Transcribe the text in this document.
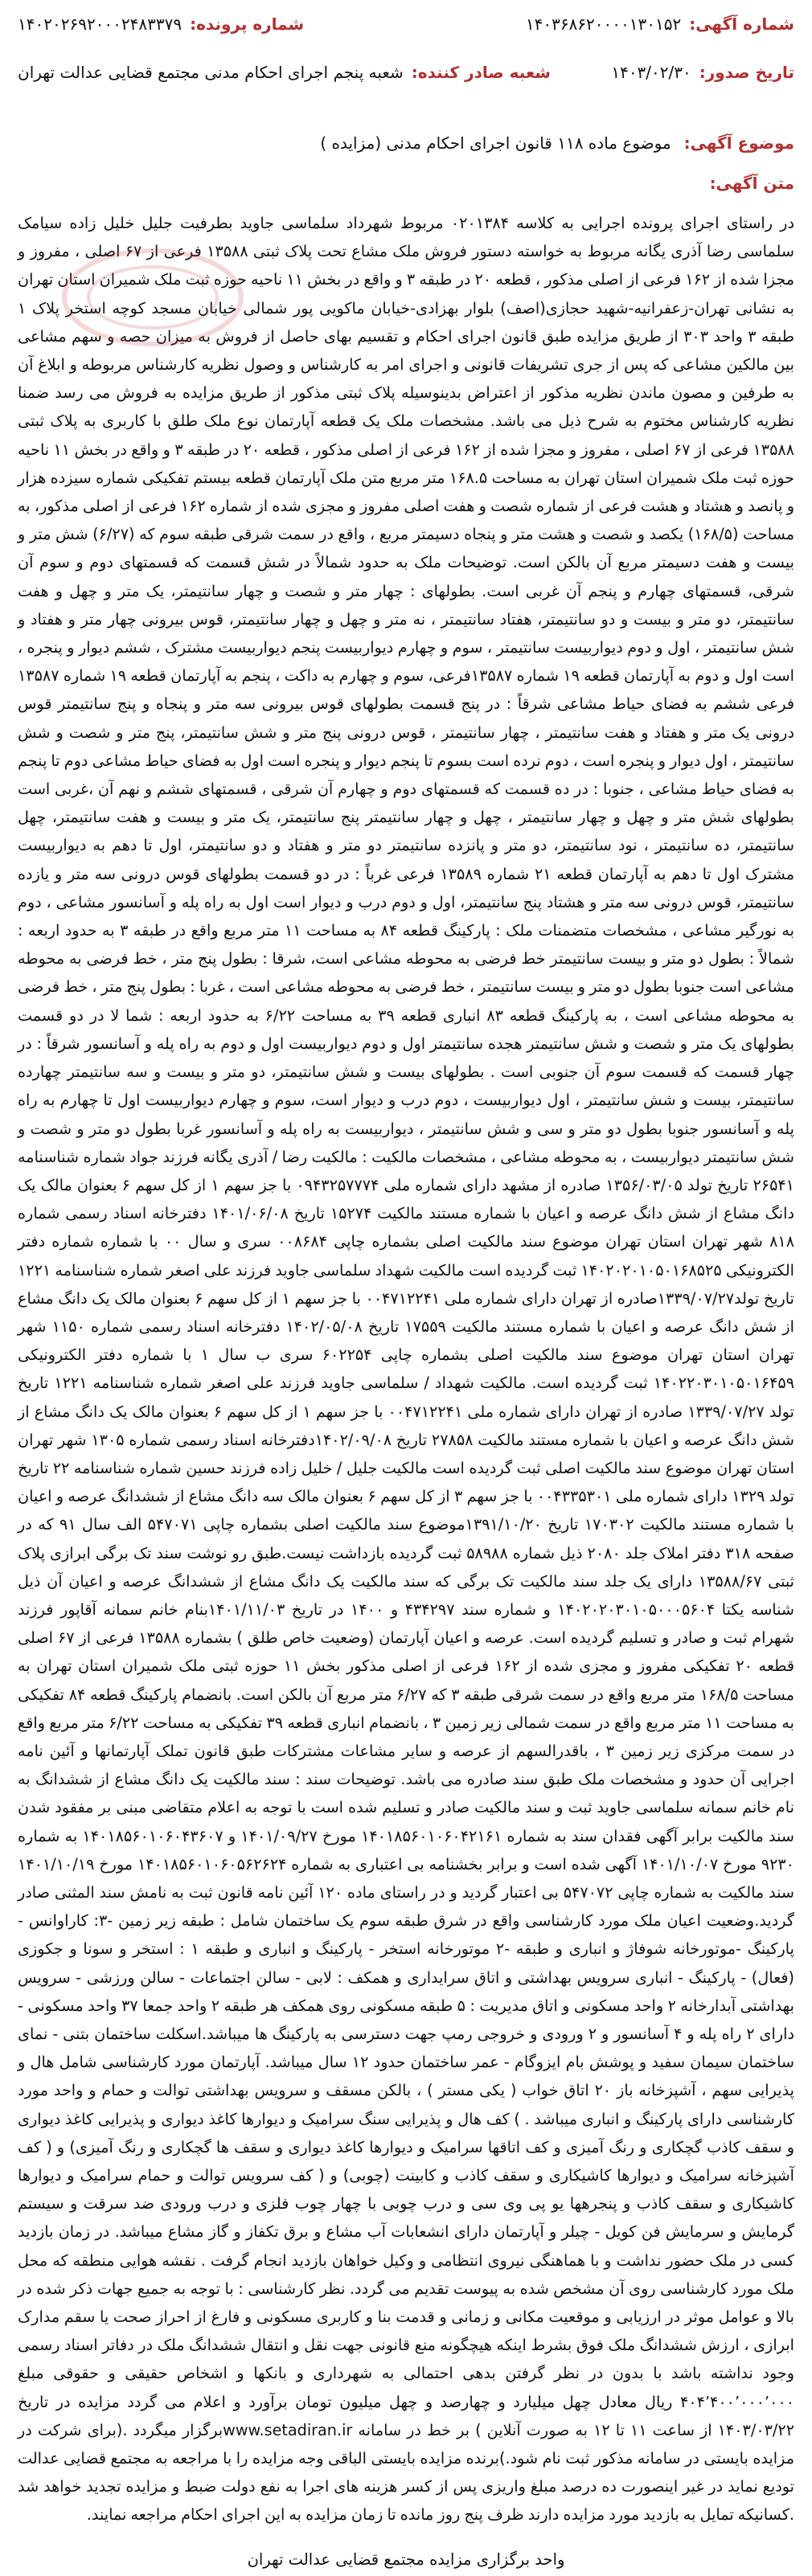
شماره آگهی:
۱۴۰۳۶۸۶۲۰۰۰۰۱۳۰۱۵۲
شماره پرونده:
۱۴۰۲۰۲۶۹۲۰۰۰۲۴۸۳۳۷۹
تاریخ صدور:
۱۴۰۳/۰۲/۳۰
شعبه صادر کننده:
شعبه پنجم اجرای احکام مدنی مجتمع قضایی عدالت تهران
موضوع آگهی:
موضوع ماده ۱۱۸ قانون اجرای احکام مدنی (مزایده )
متن آگهی:
در راستای اجرای پرونده اجرایی به کلاسه ۰۲۰۱۳۸۴ مربوط شهرداد سلماسی جاوید بطرفیت جلیل خلیل زاده سیامک سلماسی رضا آذری یگانه مربوط به خواسته دستور فروش ملک مشاع تحت پلاک ثبتی ۱۳۵۸۸ فرعی از ۶۷ اصلی ، مفروز و مجزا شده از ۱۶۲ فرعی از اصلی مذکور ، قطعه ۲۰ در طبقه ۳ و واقع در بخش ۱۱ ناحیه حوزه ثبت ملک شمیران استان تهران به نشانی تهران-زعفرانیه-شهید حجازی(اصف) بلوار بهزادی-خیابان ماکویی پور شمالی خیابان مسجد کوچه استخر پلاک ۱ طبقه ۳ واحد ۳۰۳ از طریق مزایده طبق قانون اجرای احکام و تقسیم بهای حاصل از فروش به میزان حصه و سهم مشاعی بین مالکین مشاعی که پس از جری تشریفات قانونی و اجرای امر به کارشناس و وصول نظریه کارشناس مربوطه و ابلاغ آن به طرفین و مصون ماندن نظریه مذکور از اعتراض بدینوسیله پلاک ثبتی مذکور از طریق مزایده به فروش می رسد ضمنا نظریه کارشناس مختوم به شرح ذیل می باشد. مشخصات ملک یک قطعه آپارتمان نوع ملک طلق با کاربری به پلاک ثبتی ۱۳۵۸۸ فرعی از ۶۷ اصلی ، مفروز و مجزا شده از ۱۶۲ فرعی از اصلی مذکور ، قطعه ۲۰ در طبقه ۳ و واقع در بخش ۱۱ ناحیه حوزه ثبت ملک شمیران استان تهران به مساحت ۱۶۸.۵ متر مربع متن ملک آپارتمان قطعه بیستم تفکیکی شماره سیزده هزار و پانصد و هشتاد و هشت فرعی از شماره شصت و هفت اصلی مفروز و مجزی شده از شماره ۱۶۲ فرعی از اصلی مذکور، به مساحت (۱۶۸/۵) یکصد و شصت و هشت متر و پنجاه دسیمتر مربع ، واقع در سمت شرقی طبقه سوم که (۶/۲۷) شش متر و بیست و هفت دسیمتر مربع آن بالکن است. توضیحات ملک به حدود شمالاً در شش قسمت که قسمتهای دوم و سوم آن شرقی، قسمتهای چهارم و پنجم آن غربی است. بطولهای : چهار متر و شصت و چهار سانتیمتر، یک متر و چهل و هفت سانتیمتر، دو متر و بیست و دو سانتیمتر، هفتاد سانتیمتر ، نه متر و چهل و چهار سانتیمتر، قوس بیرونی چهار متر و هفتاد و شش سانتیمتر ، اول و دوم دیواربیست سانتیمتر ، سوم و چهارم دیواربیست پنجم دیواربیست مشترک ، ششم دیوار و پنجره ، است اول و دوم به آپارتمان قطعه ۱۹ شماره ۱۳۵۸۷فرعی، سوم و چهارم به داکت ، پنجم به آپارتمان قطعه ۱۹ شماره ۱۳۵۸۷ فرعی ششم به فضای حیاط مشاعی شرقاً : در پنج قسمت بطولهای قوس بیرونی سه متر و پنجاه و پنج سانتیمتر قوس درونی یک متر و هفتاد و هفت سانتیمتر ، چهار سانتیمتر ، قوس درونی پنج متر و شش سانتیمتر، پنج متر و شصت و شش سانتیمتر ، اول دیوار و پنجره است ، دوم نرده است بسوم تا پنجم دیوار و پنجره است اول به فضای حیاط مشاعی دوم تا پنجم به فضای حیاط مشاعی ، جنوبا : در ده قسمت که قسمتهای دوم و چهارم آن شرقی ، قسمتهای ششم و نهم آن ،غربی است بطولهای شش متر و چهل و چهار سانتیمتر ، چهل و چهار سانتیمتر پنج سانتیمتر، یک متر و بیست و هفت سانتیمتر، چهل سانتیمتر، ده سانتیمتر ، نود سانتیمتر، دو متر و پانزده سانتیمتر دو متر و هفتاد و دو سانتیمتر، اول تا دهم به دیواربیست مشترک اول تا دهم به آپارتمان قطعه ۲۱ شماره ۱۳۵۸۹ فرعی غرباً : در دو قسمت بطولهای قوس درونی سه متر و یازده سانتیمتر، قوس درونی سه متر و هشتاد پنج سانتیمتر، اول و دوم درب و دیوار است اول به راه پله و آسانسور مشاعی ، دوم به نورگیر مشاعی ، مشخصات متضمنات ملک : پارکینگ قطعه ۸۴ به مساحت ۱۱ متر مربع واقع در طبقه ۳ به حدود اربعه : شمالاً : بطول دو متر و بیست سانتیمتر خط فرضی به محوطه مشاعی است، شرقا : بطول پنج متر ، خط فرضی به محوطه مشاعی است جنوبا بطول دو متر و بیست سانتیمتر ، خط فرضی به محوطه مشاعی است ، غربا : بطول پنج متر ، خط فرضی به محوطه مشاعی است ، به پارکینگ قطعه ۸۳ انباری قطعه ۳۹ به مساحت ۶/۲۲ به حدود اربعه : شما لا در دو قسمت بطولهای یک متر و شصت و شش سانتیمتر هجده سانتیمتر اول و دوم دیواربیست اول و دوم به راه پله و آسانسور شرقاً : در چهار قسمت که قسمت سوم آن جنوبی است . بطولهای بیست و شش سانتیمتر، دو متر و بیست و سه سانتیمتر چهارده سانتیمتر، بیست و شش سانتیمتر ، اول دیواربیست ، دوم درب و دیوار است، سوم و چهارم دیواربیست اول تا چهارم به راه پله و آسانسور جنوبا بطول دو متر و سی و شش سانتیمتر ، دیواربیست به راه پله و آسانسور غربا بطول دو متر و شصت و شش سانتیمتر دیواربیست ، به محوطه مشاعی ، مشخصات مالکیت : مالکیت رضا / آذری یگانه فرزند جواد شماره شناسنامه ۲۶۵۴۱ تاریخ تولد ۱۳۵۶/۰۳/۰۵ صادره از مشهد دارای شماره ملی ۰۹۴۳۲۵۷۷۷۴ با جز سهم ۱ از کل سهم ۶ بعنوان مالک یک دانگ مشاع از شش دانگ عرصه و اعیان با شماره مستند مالکیت ۱۵۲۷۴ تاریخ ۱۴۰۱/۰۶/۰۸ دفترخانه اسناد رسمی شماره ۸۱۸ شهر تهران استان تهران موضوع سند مالکیت اصلی بشماره چاپی ۰۰۸۶۸۴ سری و سال ۰۰ با شماره شماره دفتر الکترونیکی ۱۴۰۲۰۲۰۱۰۵۰۱۶۸۵۲۵ ثبت گردیده است مالکیت شهداد سلماسی جاوید فرزند علی اصغر شماره شناسنامه ۱۲۲۱ تاریخ تولد۱۳۳۹/۰۷/۲۷صادره از تهران دارای شماره ملی ۰۰۴۷۱۲۲۴۱ با جز سهم ۱ از کل سهم ۶ بعنوان مالک یک دانگ مشاع از شش دانگ عرصه و اعیان با شماره مستند مالکیت ۱۷۵۵۹ تاریخ ۱۴۰۲/۰۵/۰۸ دفترخانه اسناد رسمی شماره ۱۱۵۰ شهر تهران استان تهران موضوع سند مالکیت اصلی بشماره چاپی ۶۰۲۲۵۴ سری ب سال ۱ با شماره دفتر الکترونیکی ۱۴۰۲۲۰۳۰۱۰۵۰۱۶۴۵۹ ثبت گردیده است. مالکیت شهداد / سلماسی جاوید فرزند علی اصغر شماره شناسنامه ۱۲۲۱ تاریخ تولد ۱۳۳۹/۰۷/۲۷ صادره از تهران دارای شماره ملی ۰۰۴۷۱۲۲۴۱ با جز سهم ۱ از کل سهم ۶ بعنوان مالک یک دانگ مشاع از شش دانگ عرصه و اعیان با شماره مستند مالکیت ۲۷۸۵۸ تاریخ ۱۴۰۲/۰۹/۰۸دفترخانه اسناد رسمی شماره ۱۳۰۵ شهر تهران استان تهران موضوع سند مالکیت اصلی ثبت گردیده است مالکیت جلیل / خلیل زاده فرزند حسین شماره شناسنامه ۲۲ تاریخ تولد ۱۳۲۹ دارای شماره ملی ۰۰۴۳۳۵۳۰۱ با جز سهم ۳ از کل سهم ۶ بعنوان مالک سه دانگ مشاع از ششدانگ عرصه و اعیان با شماره مستند مالکیت ۱۷۰۳۰۲ تاریخ ۱۳۹۱/۱۰/۲۰موضوع سند مالکیت اصلی بشماره چاپی ۵۴۷۰۷۱ الف سال ۹۱ که در صفحه ۳۱۸ دفتر املاک جلد ۲۰۸۰ ذیل شماره ۵۸۹۸۸ ثبت گردیده بازداشت نیست.طبق رو نوشت سند تک برگی ابرازی پلاک ثبتی ۱۳۵۸۸/۶۷ دارای یک جلد سند مالکیت تک برگی که سند مالکیت یک دانگ مشاع از ششدانگ عرصه و اعیان آن ذیل شناسه یکتا ۱۴۰۲۰۲۰۳۰۱۰۵۰۰۰۵۶۰۴ و شماره سند ۴۳۴۲۹۷ و ۱۴۰۰ در تاریخ ۱۴۰۱/۱۱/۰۳بنام خانم سمانه آقاپور فرزند شهرام ثبت و صادر و تسلیم گردیده است. عرصه و اعیان آپارتمان (وضعیت خاص طلق ) بشماره ۱۳۵۸۸ فرعی از ۶۷ اصلی قطعه ۲۰ تفکیکی مفروز و مجزی شده از ۱۶۲ فرعی از اصلی مذکور بخش ۱۱ حوزه ثبتی ملک شمیران استان تهران به مساحت ۱۶۸/۵ متر مربع واقع در سمت شرقی طبقه ۳ که ۶/۲۷ متر مربع آن بالکن است. بانضمام پارکینگ قطعه ۸۴ تفکیکی به مساحت ۱۱ متر مربع واقع در سمت شمالی زیر زمین ۳ ، بانضمام انباری قطعه ۳۹ تفکیکی به مساحت ۶/۲۲ متر مربع واقع در سمت مرکزی زیر زمین ۳ ، باقدرالسهم از عرصه و سایر مشاعات مشترکات طبق قانون تملک آپارتمانها و آئین نامه اجرایی آن حدود و مشخصات ملک طبق سند صادره می باشد. توضیحات سند : سند مالکیت یک دانگ مشاع از ششدانگ به نام خانم سمانه سلماسی جاوید ثبت و سند مالکیت صادر و تسلیم شده است با توجه به اعلام متقاضی مبنی بر مفقود شدن سند مالکیت برابر آگهی فقدان سند به شماره ۱۴۰۱۸۵۶۰۱۰۶۰۴۲۱۶۱ مورخ ۱۴۰۱/۰۹/۲۷ و ۱۴۰۱۸۵۶۰۱۰۶۰۴۳۶۰۷ به شماره ۹۲۳۰ مورخ ۱۴۰۱/۱۰/۰۷ آگهی شده است و برابر بخشنامه بی اعتباری به شماره ۱۴۰۱۸۵۶۰۱۰۶۰۵۶۲۶۲۴ مورخ ۱۴۰۱/۱۰/۱۹ سند مالکیت به شماره چاپی ۵۴۷۰۷۲ بی اعتبار گردید و در راستای ماده ۱۲۰ آئین نامه قانون ثبت به نامش سند المثنی صادر گردید.وضعیت اعیان ملک مورد کارشناسی واقع در شرق طبقه سوم یک ساختمان شامل : طبقه زیر زمین -۳: کاراوانس - پارکینگ -موتورخانه شوفاژ و انباری و طبقه -۲ موتورخانه استخر - پارکینگ و انباری و طبقه ۱ : استخر و سونا و جکوزی (فعال) - پارکینگ - انباری سرویس بهداشتی و اتاق سرایداری و همکف : لابی - سالن اجتماعات - سالن ورزشی - سرویس بهداشتی آبدارخانه ۲ واحد مسکونی و اتاق مدیریت : ۵ طبقه مسکونی روی همکف هر طبقه ۲ واحد جمعا ۳۷ واحد مسکونی - دارای ۲ راه پله و ۴ آسانسور و ۲ ورودی و خروجی رمپ جهت دسترسی به پارکینگ ها میباشد.اسکلت ساختمان بتنی - نمای ساختمان سیمان سفید و پوشش بام ایزوگام - عمر ساختمان حدود ۱۲ سال میباشد. آپارتمان مورد کارشناسی شامل هال و پذیرایی سهم ، آشپزخانه باز ۲۰ اتاق خواب ( یکی مستر ) ، بالکن مسقف و سرویس بهداشتی توالت و حمام و واحد مورد کارشناسی دارای پارکینگ و انباری میباشد . ) کف هال و پذیرایی سنگ سرامیک و دیوارها کاغذ دیواری و پذیرایی کاغذ دیواری و سقف کاذب گچکاری و رنگ آمیزی و کف اتاقها سرامیک و دیوارها کاغذ دیواری و سقف ها گچکاری و رنگ آمیزی) و ( کف آشپزخانه سرامیک و دیوارها کاشیکاری و سقف کاذب و کابینت (چوبی) و ( کف سرویس توالت و حمام سرامیک و دیوارها کاشیکاری و سقف کاذب و پنجرهها یو پی وی سی و درب چوبی با چهار چوب فلزی و درب ورودی ضد سرقت و سیستم گرمایش و سرمایش فن کویل - چیلر و آپارتمان دارای انشعابات آب مشاع و برق تکفاز و گاز مشاع میباشد. در زمان بازدید کسی در ملک حضور نداشت و با هماهنگی نیروی انتظامی و وکیل خواهان بازدید انجام گرفت . نقشه هوایی منطقه که محل ملک مورد کارشناسی روی آن مشخص شده به پیوست تقدیم می گردد. نظر کارشناسی : با توجه به جمیع جهات ذکر شده در بالا و عوامل موثر در ارزیابی و موقعیت مکانی و زمانی و قدمت بنا و کاربری مسکونی و فارغ از احراز صحت یا سقم مدارک ابرازی ، ارزش ششدانگ ملک فوق بشرط اینکه هیچگونه منع قانونی جهت نقل و انتقال ششدانگ ملک در دفاتر اسناد رسمی وجود نداشته باشد با بدون در نظر گرفتن بدهی احتمالی به شهرداری و بانکها و اشخاص حقیقی و حقوقی مبلغ ۴۰۴٬۴۰۰٬۰۰۰٬۰۰۰ ریال معادل چهل میلیارد و چهارصد و چهل میلیون تومان برآورد و اعلام می گردد مزایده در تاریخ ۱۴۰۳/۰۳/۲۲ از ساعت ۱۱ تا ۱۲ به صورت آنلاین ) بر خط در سامانه www.setadiran.irبرگزار میگردد .(برای شرکت در مزایده بایستی در سامانه مذکور ثبت نام شود.)برنده مزایده بایستی الباقی وجه مزایده را با مراجعه به مجتمع قضایی عدالت تودیع نماید در غیر اینصورت ده درصد مبلغ واریزی پس از کسر هزینه های اجرا به نفع دولت ضبط و مزایده تجدید خواهد شد .کسانیکه تمایل به بازدید مورد مزایده دارند ظرف پنج روز مانده تا زمان مزایده به این اجرای احکام مراجعه نمایند.
واحد برگزاری مزایده مجتمع قضایی عدالت تهران
